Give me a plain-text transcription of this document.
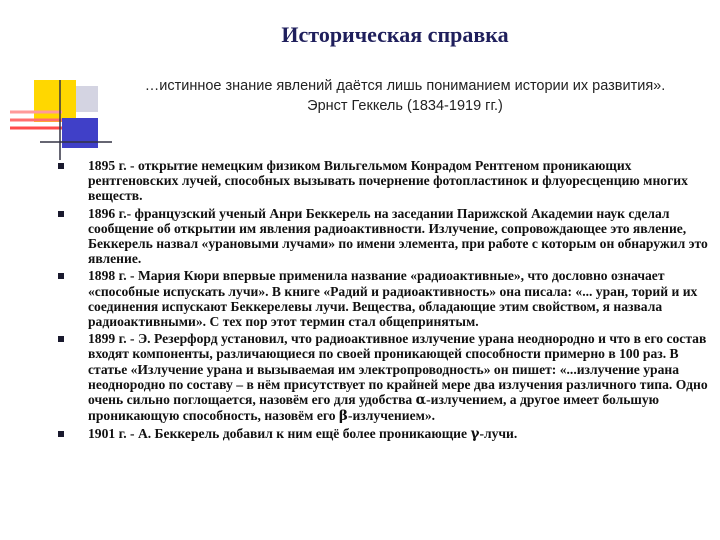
Историческая справка
…истинное знание явлений даётся лишь пониманием истории их развития».
Эрнст Геккель (1834-1919 гг.)
1895 г. - открытие немецким физиком Вильгельмом Конрадом Рентгеном проникающих рентгеновских лучей, способных вызывать почернение фотопластинок и флуоресценцию многих веществ.
1896 г.- французский ученый Анри Беккерель на заседании Парижской Академии наук сделал сообщение об открытии им явления радиоактивности. Излучение, сопровождающее это явление, Беккерель назвал «урановыми лучами» по имени элемента, при работе с которым он обнаружил это явление.
1898 г. - Мария Кюри впервые применила название «радиоактивные», что дословно означает «способные испускать лучи». В книге «Радий и радиоактивность» она писала: «... уран, торий и их соединения испускают Беккерелевы лучи. Вещества, обладающие этим свойством, я назвала радиоактивными». С тех пор этот термин стал общепринятым.
1899 г. - Э. Резерфорд установил, что радиоактивное излучение урана неоднородно и что в его состав входят компоненты, различающиеся по своей проникающей способности примерно в 100 раз. В статье «Излучение урана и вызываемая им электропроводность» он пишет: «...излучение урана неоднородно по составу – в нём присутствует по крайней мере два излучения различного типа. Одно очень сильно поглощается, назовём его для удобства α-излучением, а другое имеет большую проникающую способность, назовём его β-излучением».
1901 г. - А. Беккерель добавил к ним ещё более проникающие γ-лучи.
